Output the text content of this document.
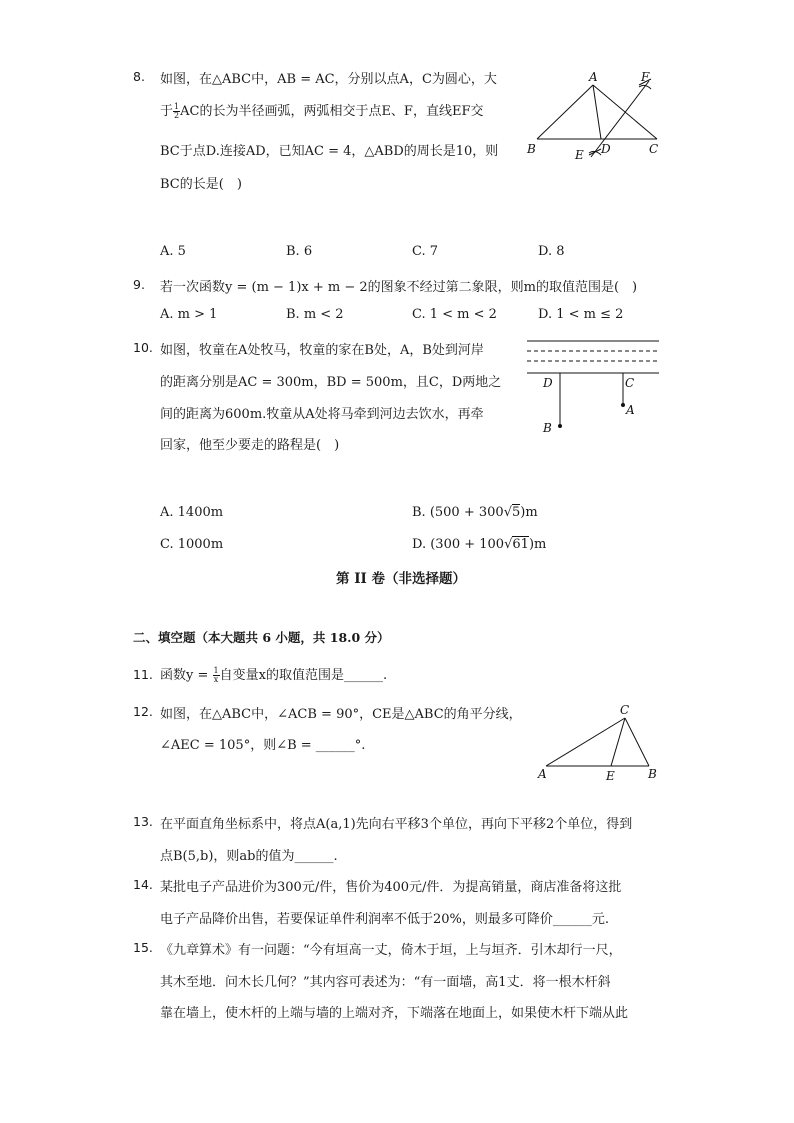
8. 如图，在△ABC中，AB = AC，分别以点A，C为圆心，大
于 $\frac{1}{2}$ AC的长为半径画弧，两弧相交于点E、F，直线EF交
BC于点D.连接AD，已知AC = 4，△ABD的周长是10，则
BC的长是(　)
A
B	C
D
E
F
A. 5	B. 6	C. 7	D. 8
9. 若一次函数y = (m − 1)x + m − 2的图象不经过第二象限，则m的取值范围是(　)
A. m > 1	B. m < 2	C. 1 < m < 2	D. 1 < m ≤ 2
10. 如图，牧童在A处牧马，牧童的家在B处，A，B处到河岸
的距离分别是AC = 300m，BD = 500m，且C，D两地之
间的距离为600m.牧童从A处将马牵到河边去饮水，再牵
回家，他至少要走的路程是(　)
D	C
A
B
A. 1400m	B. (500 + 300√5)m
C. 1000m	D. (300 + 100√61)m
第 II 卷（非选择题）
二、填空题（本大题共 6 小题，共 18.0 分）
11. 函数$y = \frac{1}{x}$ 自变量x的取值范围是______.
12. 如图，在△ABC中，∠ACB = 90°，CE是△ABC的角平分线，
∠AEC = 105°，则∠B = ______°.
C
A	E	B
13. 在平面直角坐标系中，将点A(a,1)先向右平移3个单位，再向下平移2个单位，得到
点B(5,b)，则ab的值为______.
14. 某批电子产品进价为300元/件，售价为400元/件．为提高销量，商店准备将这批
电子产品降价出售，若要保证单件利润率不低于20%，则最多可降价______元.
15. 《九章算术》有一问题：“今有垣高一丈，倚木于垣，上与垣齐．引木却行一尺，
其木至地．问木长几何？”其内容可表述为：“有一面墙，高1丈．将一根木杆斜
靠在墙上，使木杆的上端与墙的上端对齐，下端落在地面上，如果使木杆下端从此
